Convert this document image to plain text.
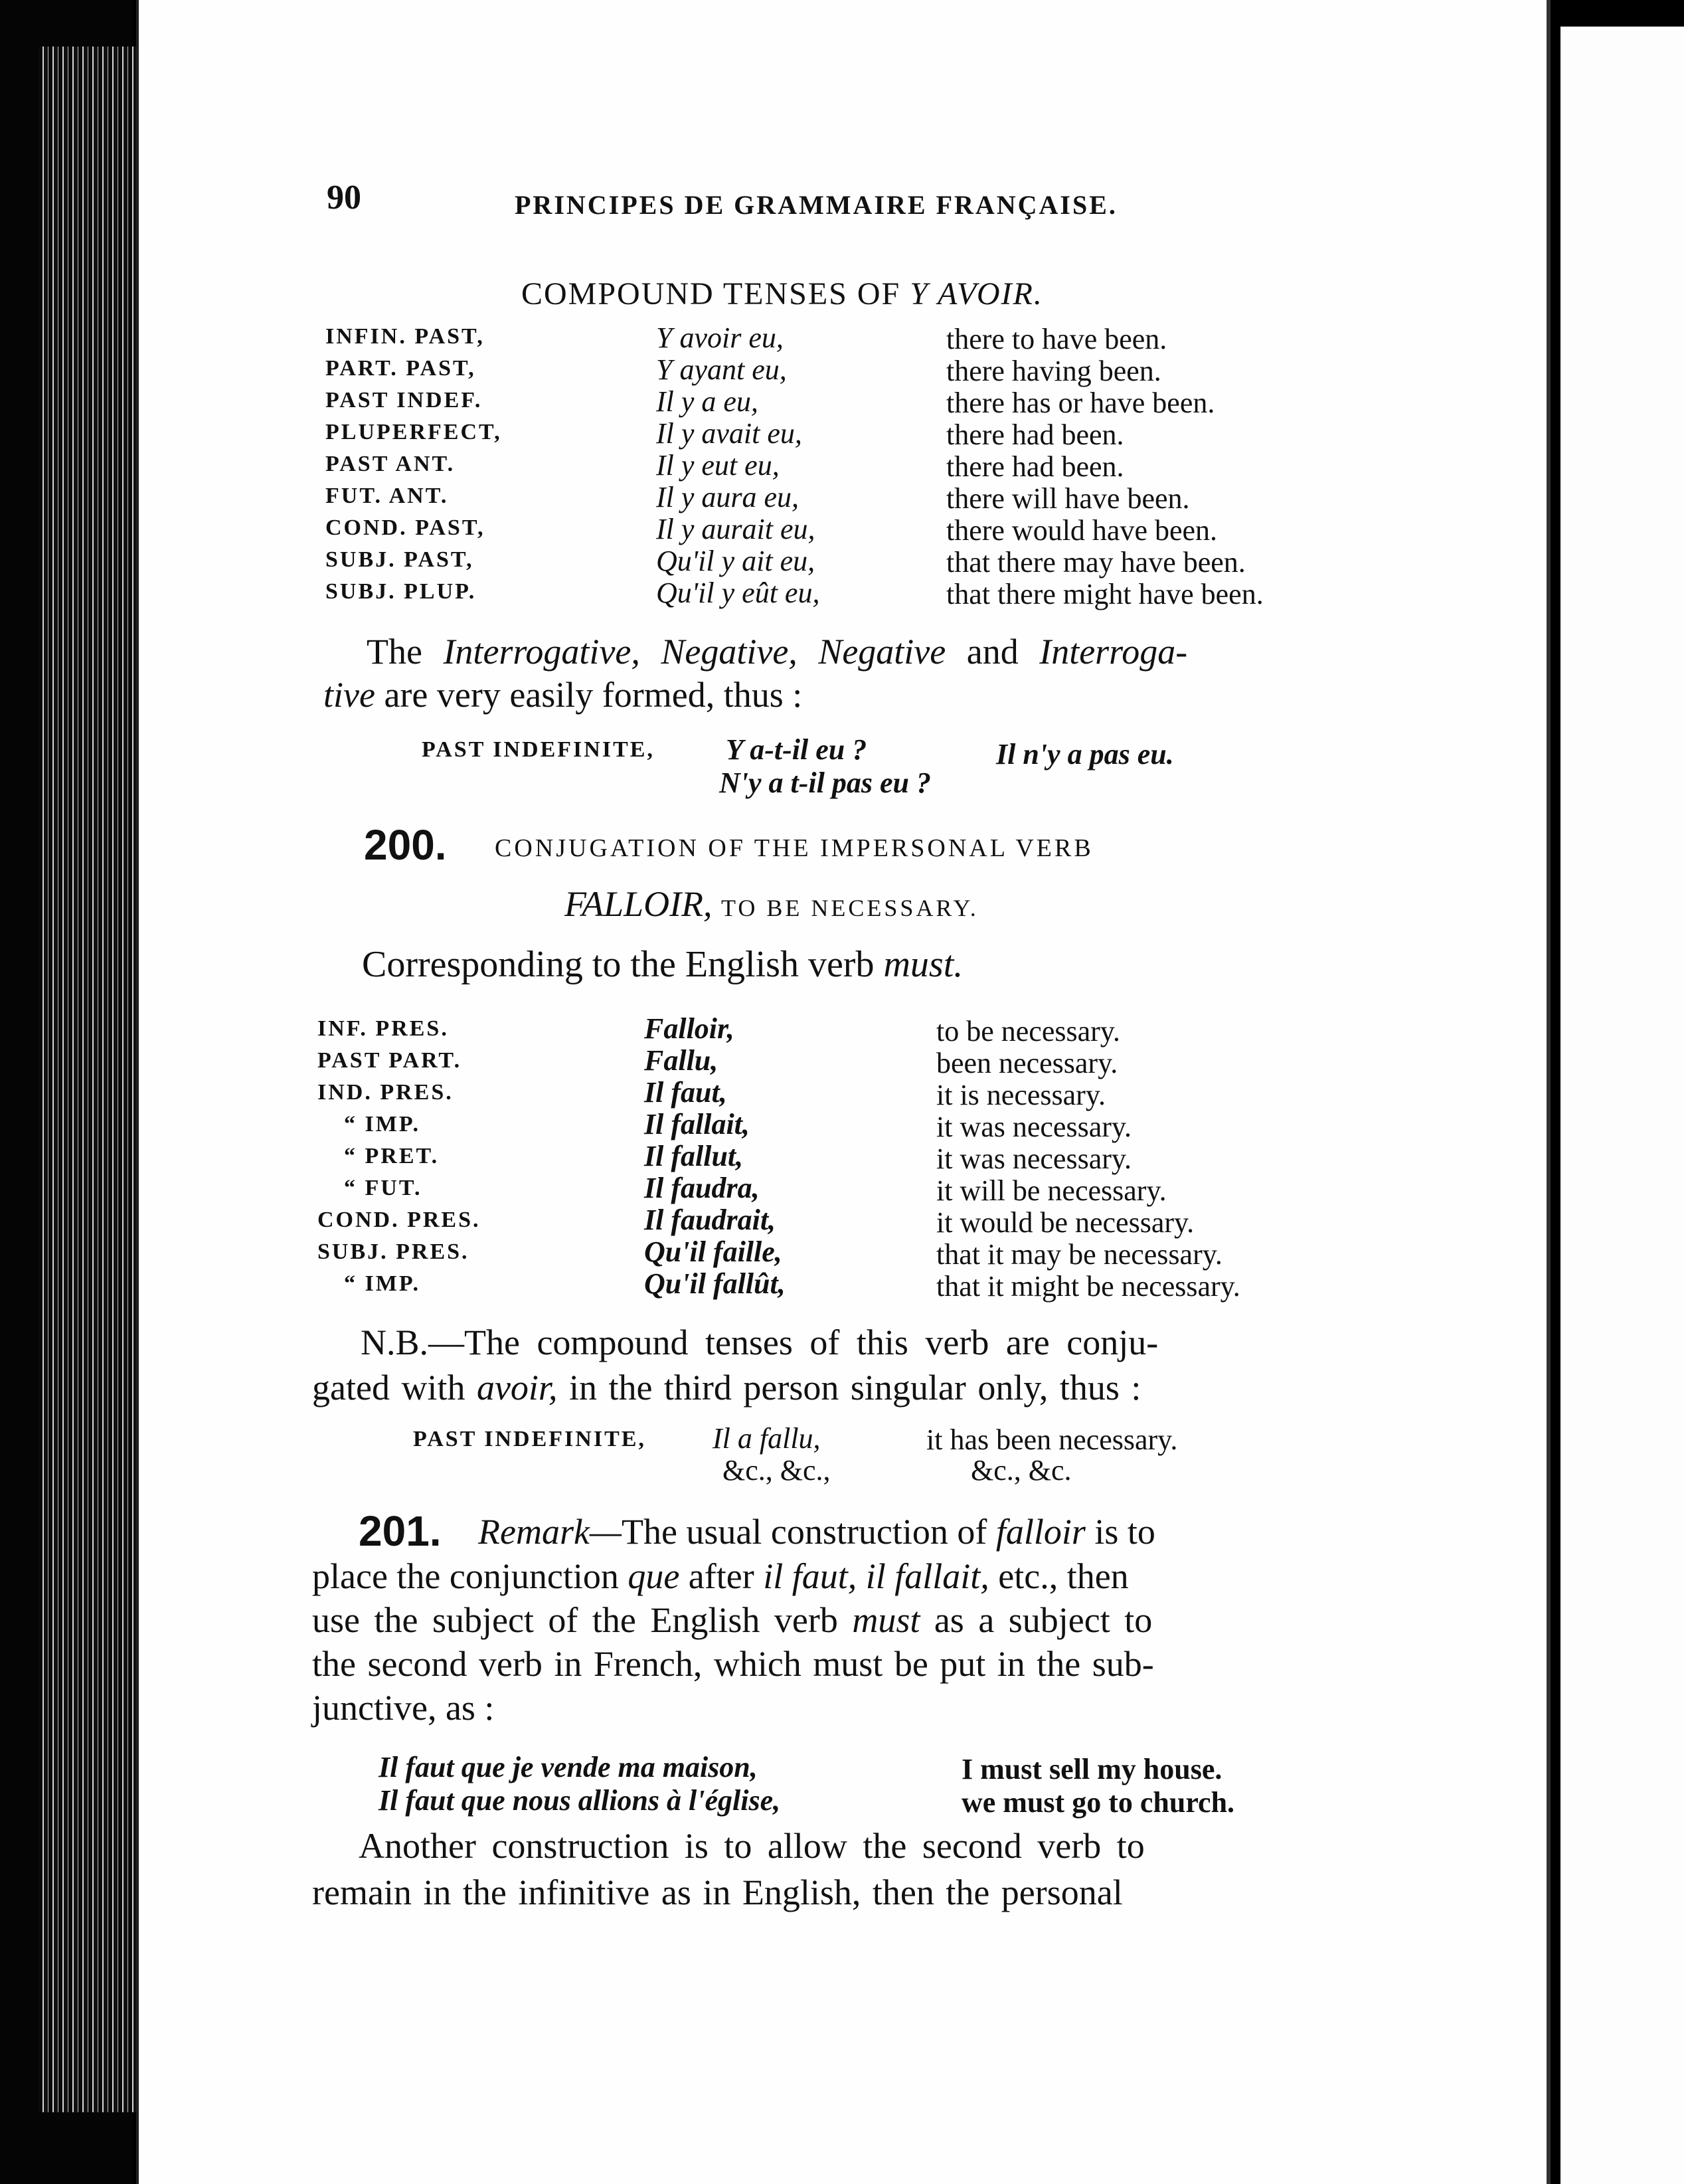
90	PRINCIPES DE GRAMMAIRE FRANÇAISE.
COMPOUND TENSES OF Y AVOIR.
INFIN. PAST,	Y avoir eu,	there to have been.
PART. PAST,	Y ayant eu,	there having been.
PAST INDEF.	Il y a eu,	there has or have been.
PLUPERFECT,	Il y avait eu,	there had been.
PAST ANT.	Il y eut eu,	there had been.
FUT. ANT.	Il y aura eu,	there will have been.
COND. PAST,	Il y aurait eu,	there would have been.
SUBJ. PAST,	Qu'il y ait eu,	that there may have been.
SUBJ. PLUP.	Qu'il y eût eu,	that there might have been.
The Interrogative, Negative, Negative and Interroga-
tive are very easily formed, thus :
PAST INDEFINITE, Y a-t-il eu ?	Il n'y a pas eu.
N'y a t-il pas eu ?
200. CONJUGATION OF THE IMPERSONAL VERB
FALLOIR, TO BE NECESSARY.
Corresponding to the English verb must.
INF. PRES.	Falloir,	to be necessary.
PAST PART.	Fallu,	been necessary.
IND. PRES.	Il faut,	it is necessary.
“ IMP.	Il fallait,	it was necessary.
“ PRET.	Il fallut,	it was necessary.
“ FUT.	Il faudra,	it will be necessary.
COND. PRES.	Il faudrait,	it would be necessary.
SUBJ. PRES.	Qu'il faille,	that it may be necessary.
“ IMP.	Qu'il fallût,	that it might be necessary.
N.B.—The compound tenses of this verb are conju-
gated with avoir, in the third person singular only, thus :
PAST INDEFINITE, Il a fallu,	it has been necessary.
&c., &c.,	&c., &c.
201. Remark—The usual construction of falloir is to
place the conjunction que after il faut, il fallait, etc., then
use the subject of the English verb must as a subject to
the second verb in French, which must be put in the sub-
junctive, as :
Il faut que je vende ma maison,	I must sell my house.
Il faut que nous allions à l'église,	we must go to church.
Another construction is to allow the second verb to
remain in the infinitive as in English, then the personal
